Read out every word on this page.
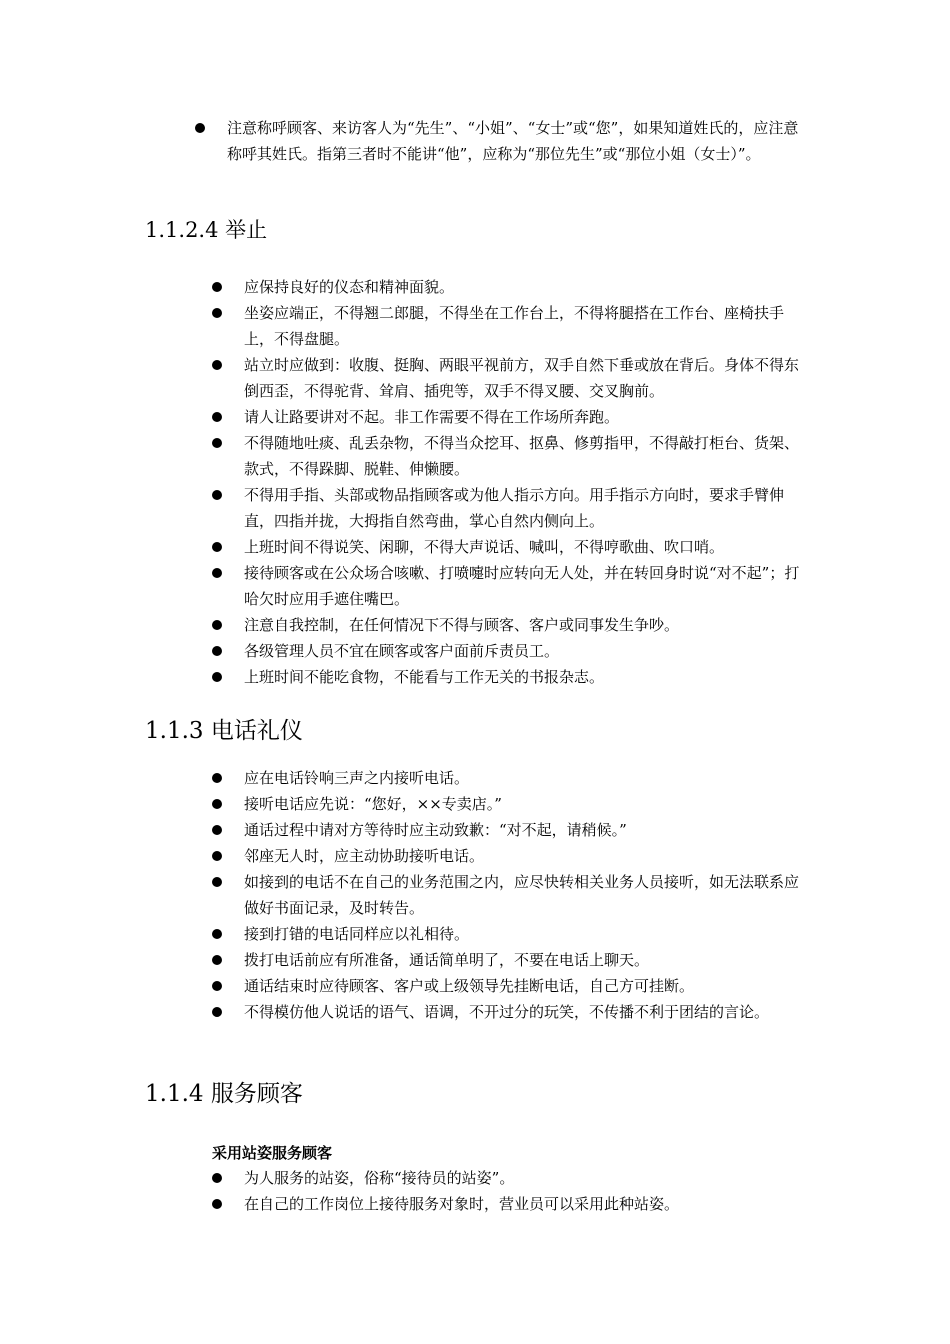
注意称呼顾客、来访客人为“先生”、“小姐”、“女士”或“您”，如果知道姓氏的，应注意称呼其姓氏。指第三者时不能讲“他”，应称为“那位先生”或“那位小姐（女士）”。
1.1.2.4 举止
应保持良好的仪态和精神面貌。
坐姿应端正，不得翘二郎腿，不得坐在工作台上，不得将腿搭在工作台、座椅扶手上，不得盘腿。
站立时应做到：收腹、挺胸、两眼平视前方，双手自然下垂或放在背后。身体不得东倒西歪，不得驼背、耸肩、插兜等，双手不得叉腰、交叉胸前。
请人让路要讲对不起。非工作需要不得在工作场所奔跑。
不得随地吐痰、乱丢杂物，不得当众挖耳、抠鼻、修剪指甲，不得敲打柜台、货架、款式，不得跺脚、脱鞋、伸懒腰。
不得用手指、头部或物品指顾客或为他人指示方向。用手指示方向时，要求手臂伸直，四指并拢，大拇指自然弯曲，掌心自然内侧向上。
上班时间不得说笑、闲聊，不得大声说话、喊叫，不得哼歌曲、吹口哨。
接待顾客或在公众场合咳嗽、打喷嚏时应转向无人处，并在转回身时说“对不起”；打哈欠时应用手遮住嘴巴。
注意自我控制，在任何情况下不得与顾客、客户或同事发生争吵。
各级管理人员不宜在顾客或客户面前斥责员工。
上班时间不能吃食物，不能看与工作无关的书报杂志。
1.1.3 电话礼仪
应在电话铃响三声之内接听电话。
接听电话应先说：“您好，××专卖店。”
通话过程中请对方等待时应主动致歉：“对不起，请稍候。”
邻座无人时，应主动协助接听电话。
如接到的电话不在自己的业务范围之内，应尽快转相关业务人员接听，如无法联系应做好书面记录，及时转告。
接到打错的电话同样应以礼相待。
拨打电话前应有所准备，通话简单明了，不要在电话上聊天。
通话结束时应待顾客、客户或上级领导先挂断电话，自己方可挂断。
不得模仿他人说话的语气、语调，不开过分的玩笑，不传播不利于团结的言论。
1.1.4 服务顾客

采用站姿服务顾客

为人服务的站姿，俗称“接待员的站姿”。
在自己的工作岗位上接待服务对象时，营业员可以采用此种站姿。
